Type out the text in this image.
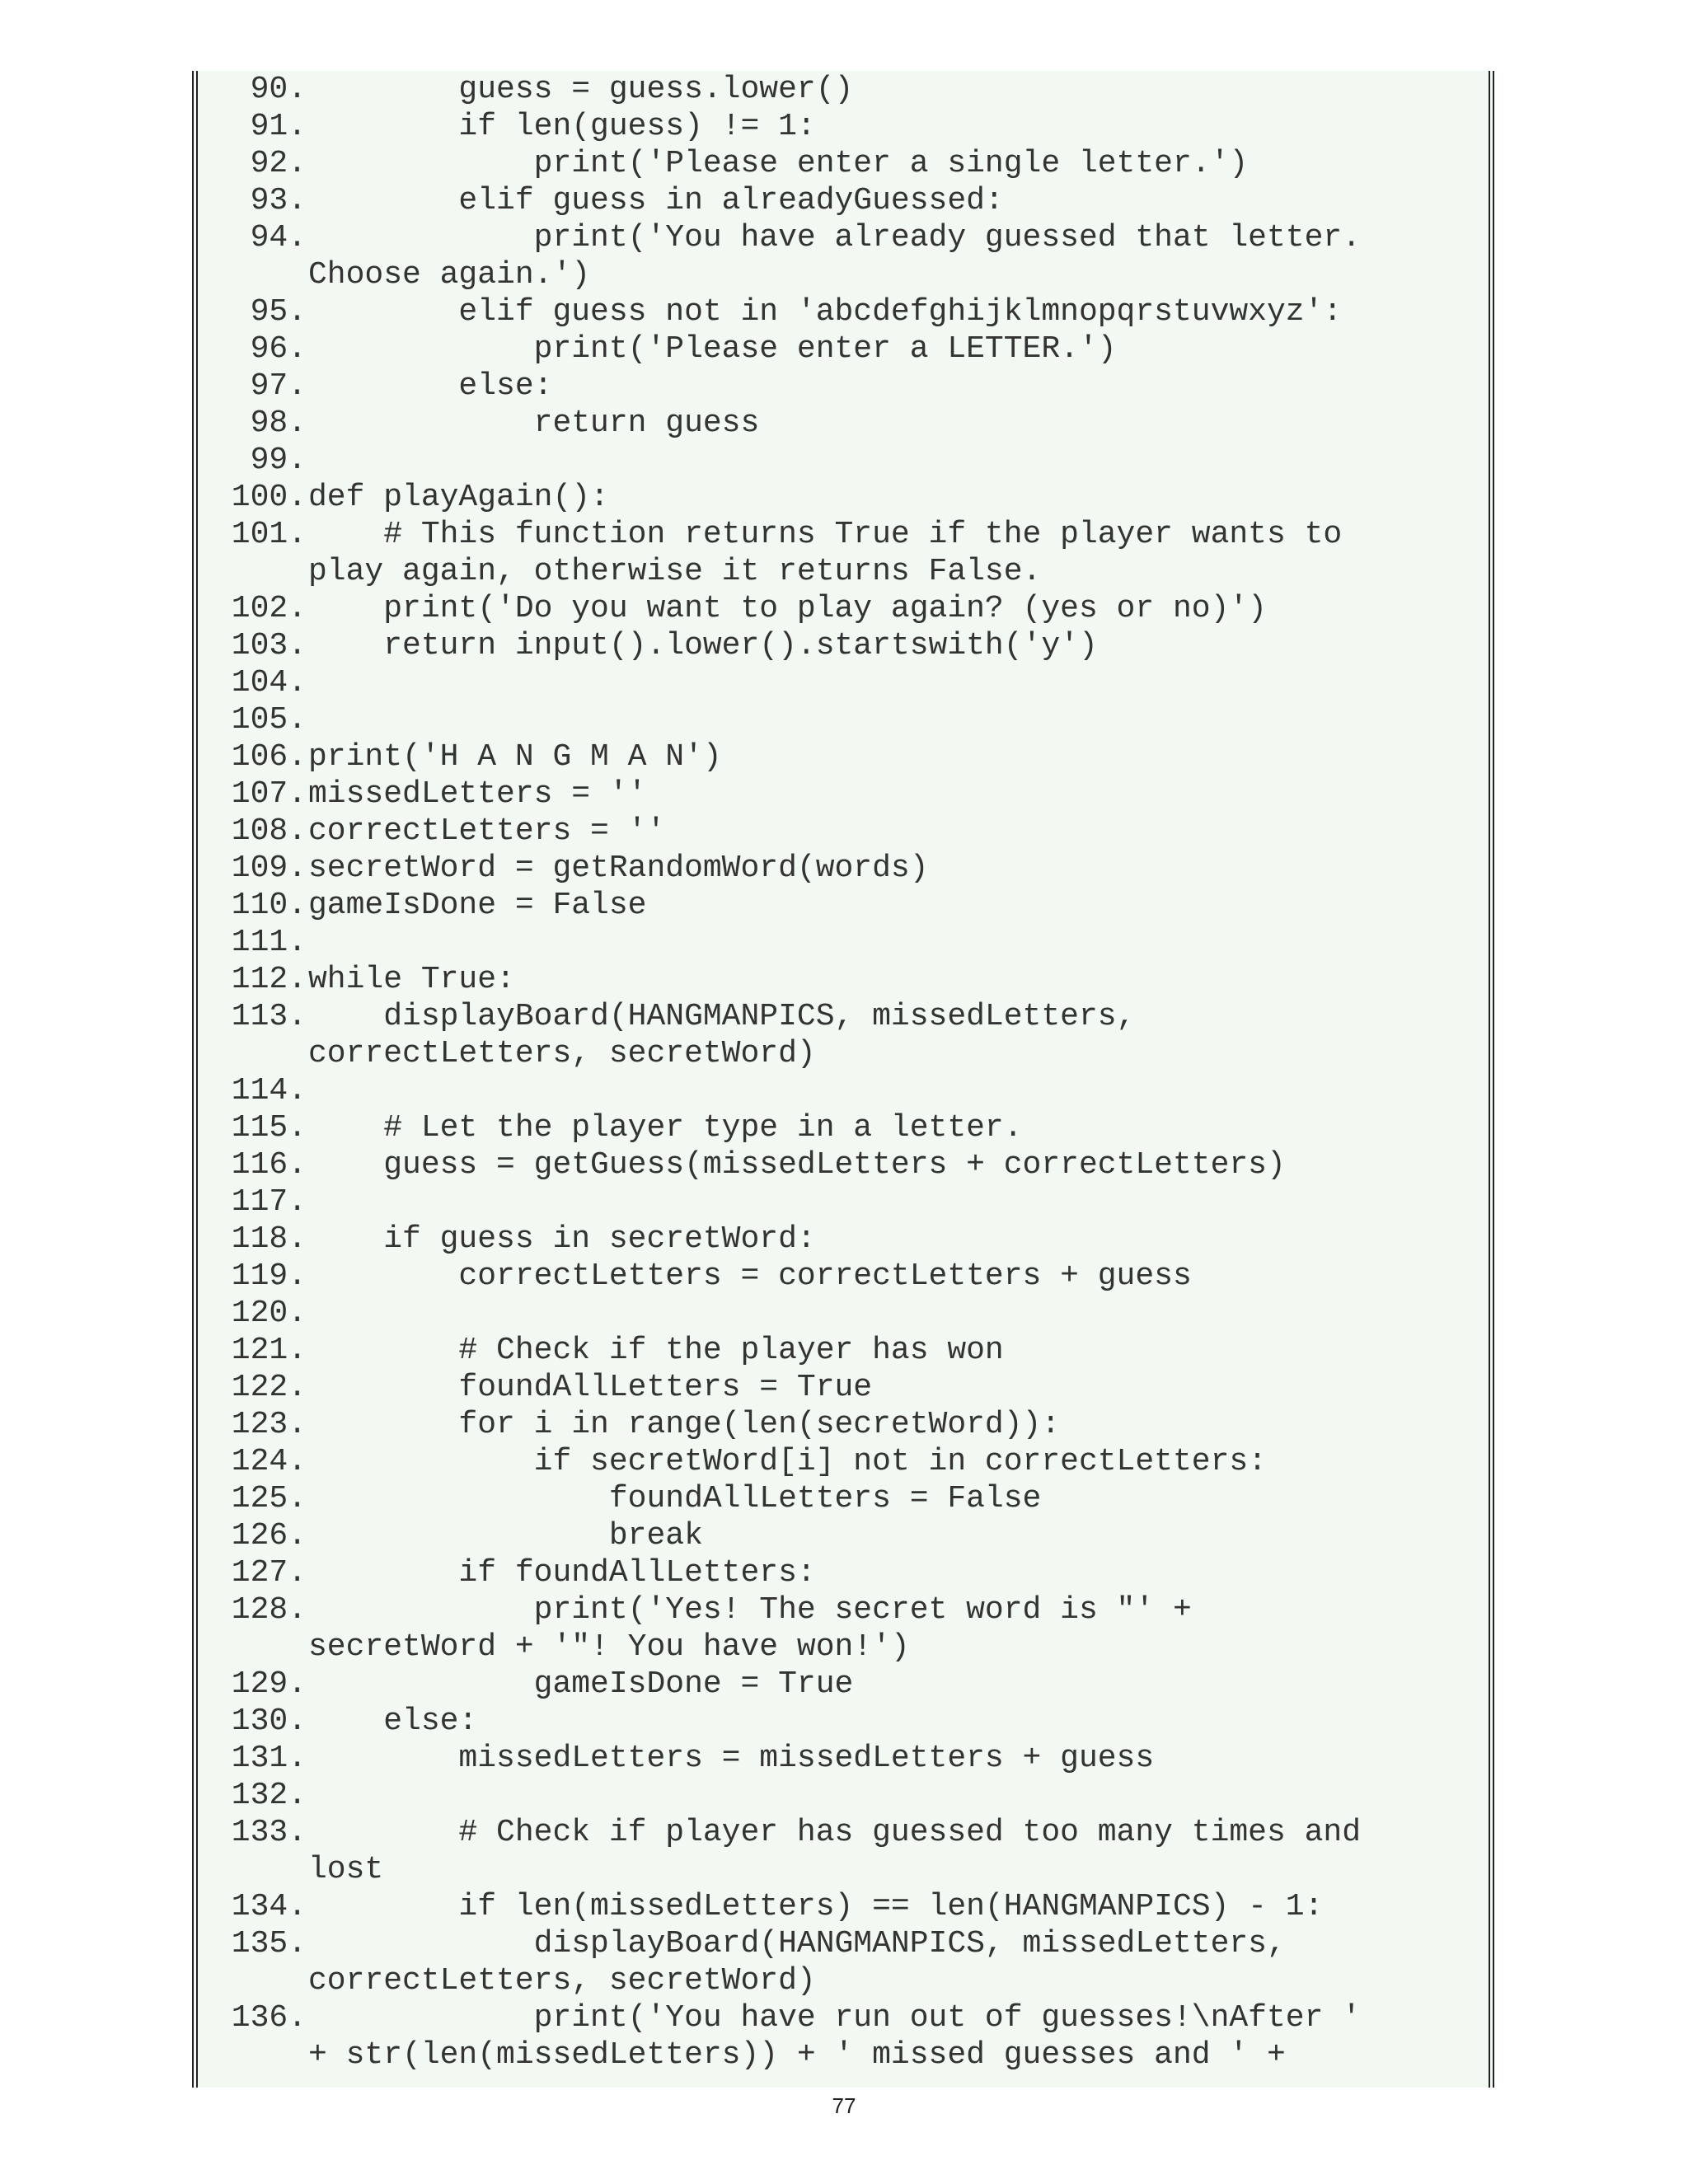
90. guess = guess.lower()
91. if len(guess) != 1:
92. print('Please enter a single letter.')
93. elif guess in alreadyGuessed:
94. print('You have already guessed that letter.
Choose again.')
95. elif guess not in 'abcdefghijklmnopqrstuvwxyz':
96. print('Please enter a LETTER.')
97. else:
98. return guess
99.
100. def playAgain():
101. # This function returns True if the player wants to
play again, otherwise it returns False.
102. print('Do you want to play again? (yes or no)')
103. return input().lower().startswith('y')
104.
105.
106. print('H A N G M A N')
107. missedLetters = ''
108. correctLetters = ''
109. secretWord = getRandomWord(words)
110. gameIsDone = False
111.
112. while True:
113. displayBoard(HANGMANPICS, missedLetters,
correctLetters, secretWord)
114.
115. # Let the player type in a letter.
116. guess = getGuess(missedLetters + correctLetters)
117.
118. if guess in secretWord:
119. correctLetters = correctLetters + guess
120.
121. # Check if the player has won
122. foundAllLetters = True
123. for i in range(len(secretWord)):
124. if secretWord[i] not in correctLetters:
125. foundAllLetters = False
126. break
127. if foundAllLetters:
128. print('Yes! The secret word is "' +
secretWord + '"! You have won!')
129. gameIsDone = True
130. else:
131. missedLetters = missedLetters + guess
132.
133. # Check if player has guessed too many times and
lost
134. if len(missedLetters) == len(HANGMANPICS) - 1:
135. displayBoard(HANGMANPICS, missedLetters,
correctLetters, secretWord)
136. print('You have run out of guesses!\nAfter '
+ str(len(missedLetters)) + ' missed guesses and ' +
77
